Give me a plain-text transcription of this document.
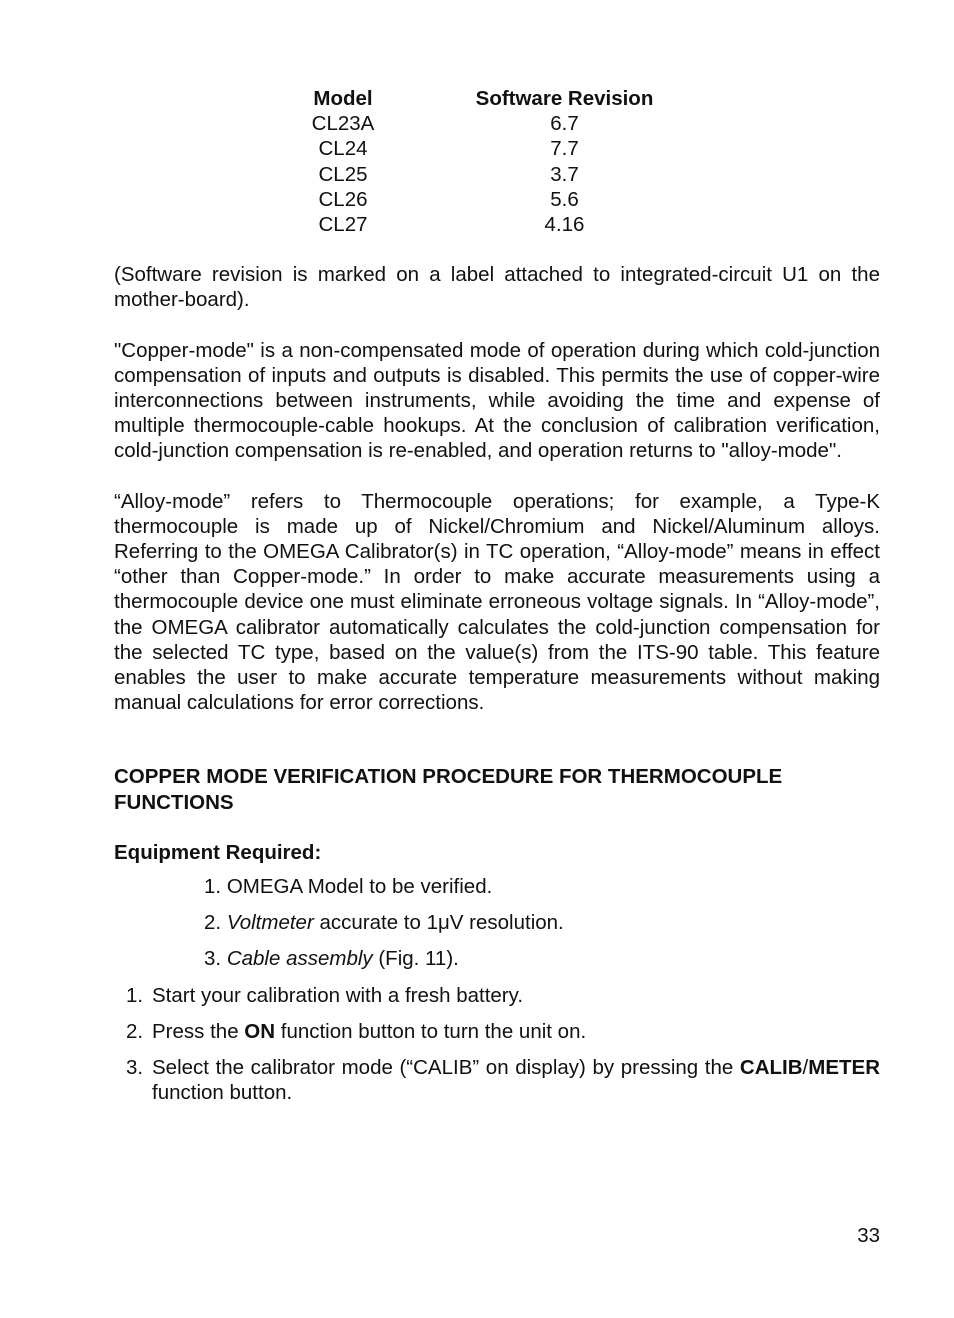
Model		Software Revision
CL23A		6.7
CL24		7.7
CL25		3.7
CL26		5.6
CL27		4.16

(Software revision is marked on a label attached to integrated-circuit U1 on the mother-board).

"Copper-mode" is a non-compensated mode of operation during which cold-junction compensation of inputs and outputs is disabled. This permits the use of copper-wire interconnections between instruments, while avoiding the time and expense of multiple thermocouple-cable hookups. At the conclusion of calibration verification, cold-junction compensation is re-enabled, and operation returns to "alloy-mode".

“Alloy-mode” refers to Thermocouple operations; for example, a Type-K thermocouple is made up of Nickel/Chromium and Nickel/Aluminum alloys. Referring to the OMEGA Calibrator(s) in TC operation, “Alloy-mode” means in effect “other than Copper-mode.” In order to make accurate measurements using a thermocouple device one must eliminate erroneous voltage signals. In “Alloy-mode”, the OMEGA calibrator automatically calculates the cold-junction compensation for the selected TC type, based on the value(s) from the ITS-90 table. This feature enables the user to make accurate temperature measurements without making manual calculations for error corrections.

COPPER MODE VERIFICATION PROCEDURE FOR THERMOCOUPLE FUNCTIONS

Equipment Required:

1. OMEGA Model to be verified.
2. Voltmeter accurate to 1μV resolution.
3. Cable assembly (Fig. 11).
1. Start your calibration with a fresh battery.
2. Press the ON function button to turn the unit on.
3. Select the calibrator mode (“CALIB” on display) by pressing the CALIB/METER function button.
33
